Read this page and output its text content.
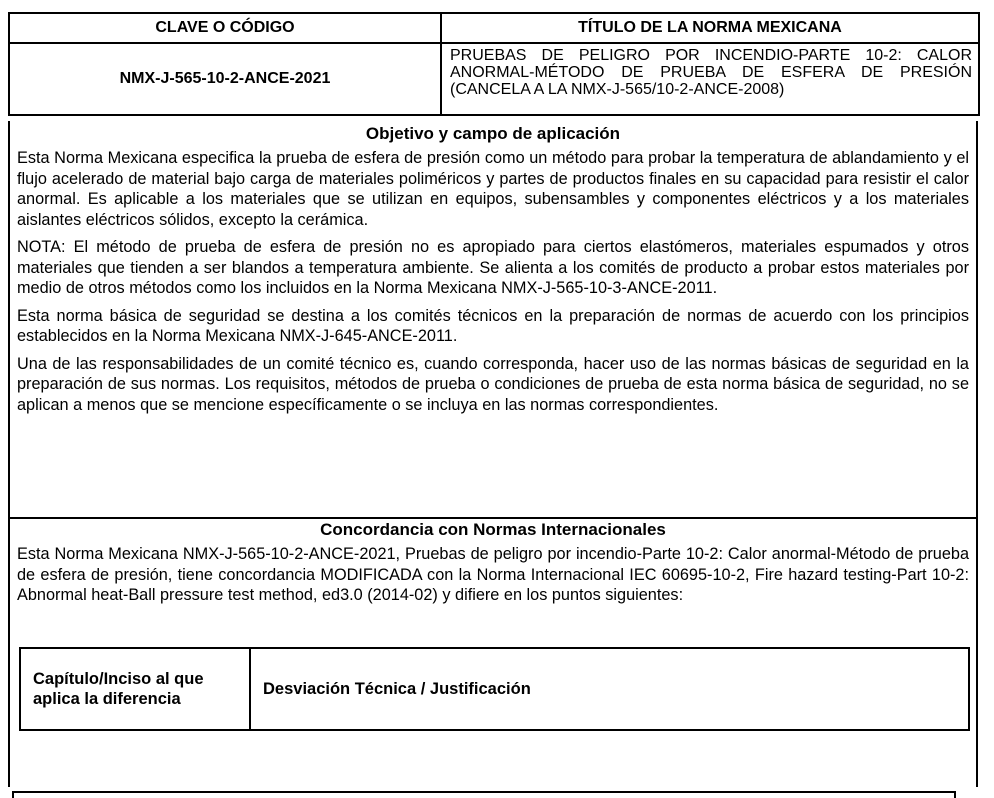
CLAVE O CÓDIGO	TÍTULO DE LA NORMA MEXICANA
NMX-J-565-10-2-ANCE-2021	PRUEBAS DE PELIGRO POR INCENDIO-PARTE 10-2: CALOR ANORMAL-MÉTODO DE PRUEBA DE ESFERA DE PRESIÓN (CANCELA A LA NMX-J-565/10-2-ANCE-2008)
Objetivo y campo de aplicación

Esta Norma Mexicana especifica la prueba de esfera de presión como un método para probar la temperatura de ablandamiento y el flujo acelerado de material bajo carga de materiales poliméricos y partes de productos finales en su capacidad para resistir el calor anormal. Es aplicable a los materiales que se utilizan en equipos, subensambles y componentes eléctricos y a los materiales aislantes eléctricos sólidos, excepto la cerámica.

NOTA: El método de prueba de esfera de presión no es apropiado para ciertos elastómeros, materiales espumados y otros materiales que tienden a ser blandos a temperatura ambiente. Se alienta a los comités de producto a probar estos materiales por medio de otros métodos como los incluidos en la Norma Mexicana NMX-J-565-10-3-ANCE-2011.

Esta norma básica de seguridad se destina a los comités técnicos en la preparación de normas de acuerdo con los principios establecidos en la Norma Mexicana NMX-J-645-ANCE-2011.

Una de las responsabilidades de un comité técnico es, cuando corresponda, hacer uso de las normas básicas de seguridad en la preparación de sus normas. Los requisitos, métodos de prueba o condiciones de prueba de esta norma básica de seguridad, no se aplican a menos que se mencione específicamente o se incluya en las normas correspondientes.

Concordancia con Normas Internacionales

Esta Norma Mexicana NMX-J-565-10-2-ANCE-2021, Pruebas de peligro por incendio-Parte 10-2: Calor anormal-Método de prueba de esfera de presión, tiene concordancia MODIFICADA con la Norma Internacional IEC 60695-10-2, Fire hazard testing-Part 10-2: Abnormal heat-Ball pressure test method, ed3.0 (2014-02) y difiere en los puntos siguientes:

Capítulo/Inciso al que aplica la diferencia	Desviación Técnica / Justificación
